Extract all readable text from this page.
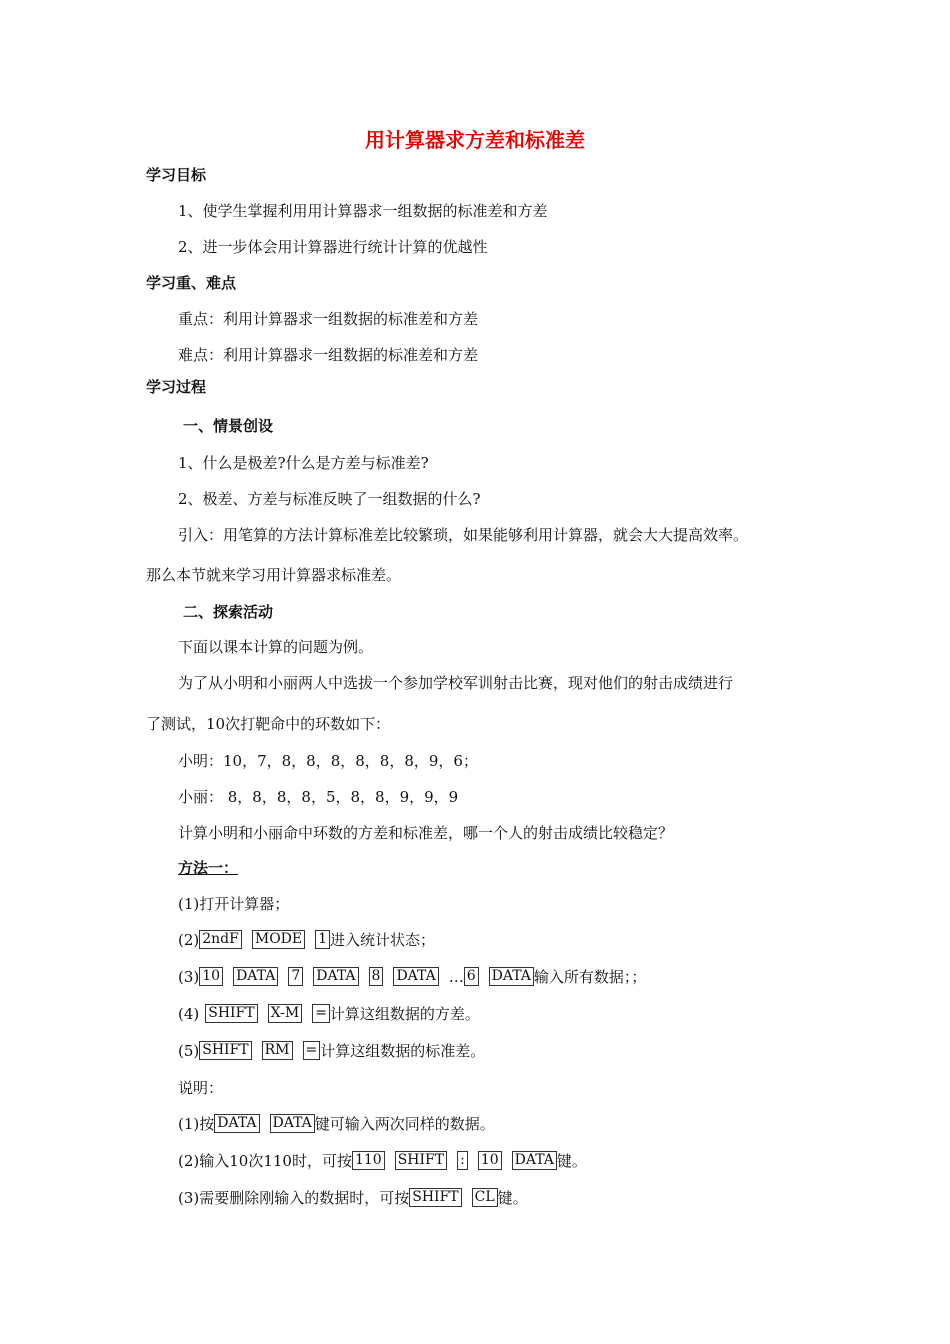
用计算器求方差和标准差
学习目标
1、使学生掌握利用用计算器求一组数据的标准差和方差
2、进一步体会用计算器进行统计计算的优越性
学习重、难点
重点：利用计算器求一组数据的标准差和方差
难点：利用计算器求一组数据的标准差和方差
学习过程
一、情景创设
1、什么是极差?什么是方差与标准差?
2、极差、方差与标准反映了一组数据的什么?
引入：用笔算的方法计算标准差比较繁琐，如果能够利用计算器，就会大大提高效率。
那么本节就来学习用计算器求标准差。
二、探索活动
下面以课本计算的问题为例。
为了从小明和小丽两人中选拔一个参加学校军训射击比赛，现对他们的射击成绩进行
了测试，10次打靶命中的环数如下：
小明：10，7，8，8，8，8，8，8，9，6；
小丽： 8，8，8，8，5，8，8，9，9，9
计算小明和小丽命中环数的方差和标准差，哪一个人的射击成绩比较稳定？
方法一：
(1)打开计算器；
(2) 2ndF MODE 1 进入统计状态；
(3) 10 DATA 7 DATA 8 DATA … 6 DATA 输入所有数据；；
(4) SHIFT X-M = 计算这组数据的方差。
(5) SHIFT RM = 计算这组数据的标准差。
说明：
(1)按 DATA DATA 键可输入两次同样的数据。
(2)输入10次110时，可按 110 SHIFT : 10 DATA 键。
(3)需要删除刚输入的数据时，可按 SHIFT CL 键。
